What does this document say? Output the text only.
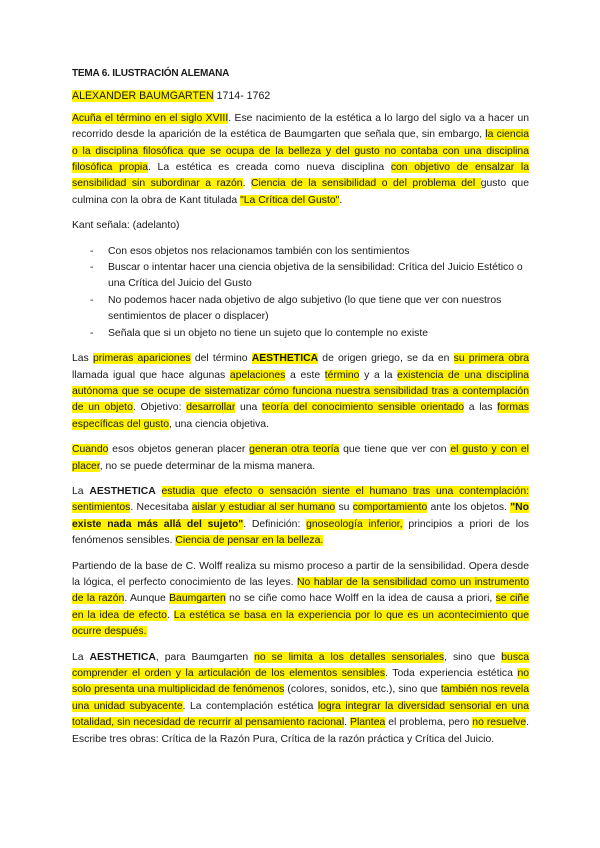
TEMA 6. ILUSTRACIÓN ALEMANA
ALEXANDER BAUMGARTEN 1714- 1762

Acuña el término en el siglo XVIII. Ese nacimiento de la estética a lo largo del siglo va a hacer un recorrido desde la aparición de la estética de Baumgarten que señala que, sin embargo, la ciencia o la disciplina filosófica que se ocupa de la belleza y del gusto no contaba con una disciplina filosófica propia. La estética es creada como nueva disciplina con objetivo de ensalzar la sensibilidad sin subordinar a razón. Ciencia de la sensibilidad o del problema del gusto que culmina con la obra de Kant titulada "La Crítica del Gusto".

Kant señala: (adelanto)

- Con esos objetos nos relacionamos también con los sentimientos
- Buscar o intentar hacer una ciencia objetiva de la sensibilidad: Crítica del Juicio Estético o una Crítica del Juicio del Gusto
- No podemos hacer nada objetivo de algo subjetivo (lo que tiene que ver con nuestros sentimientos de placer o displacer)
- Señala que si un objeto no tiene un sujeto que lo contemple no existe

Las primeras apariciones del término AESTHETICA de origen griego, se da en su primera obra llamada igual que hace algunas apelaciones a este término y a la existencia de una disciplina autónoma que se ocupe de sistematizar cómo funciona nuestra sensibilidad tras a contemplación de un objeto. Objetivo: desarrollar una teoría del conocimiento sensible orientado a las formas específicas del gusto, una ciencia objetiva.

Cuando esos objetos generan placer generan otra teoría que tiene que ver con el gusto y con el placer, no se puede determinar de la misma manera.

La AESTHETICA estudia que efecto o sensación siente el humano tras una contemplación: sentimientos. Necesitaba aislar y estudiar al ser humano su comportamiento ante los objetos. "No existe nada más allá del sujeto". Definición: gnoseología inferior, principios a priori de los fenómenos sensibles. Ciencia de pensar en la belleza.

Partiendo de la base de C. Wolff realiza su mismo proceso a partir de la sensibilidad. Opera desde la lógica, el perfecto conocimiento de las leyes. No hablar de la sensibilidad como un instrumento de la razón. Aunque Baumgarten no se ciñe como hace Wolff en la idea de causa a priori, se ciñe en la idea de efecto. La estética se basa en la experiencia por lo que es un acontecimiento que ocurre después.

La AESTHETICA, para Baumgarten no se limita a los detalles sensoriales, sino que busca comprender el orden y la articulación de los elementos sensibles. Toda experiencia estética no solo presenta una multiplicidad de fenómenos (colores, sonidos, etc.), sino que también nos revela una unidad subyacente. La contemplación estética logra integrar la diversidad sensorial en una totalidad, sin necesidad de recurrir al pensamiento racional. Plantea el problema, pero no resuelve. Escribe tres obras: Crítica de la Razón Pura, Crítica de la razón práctica y Crítica del Juicio.
